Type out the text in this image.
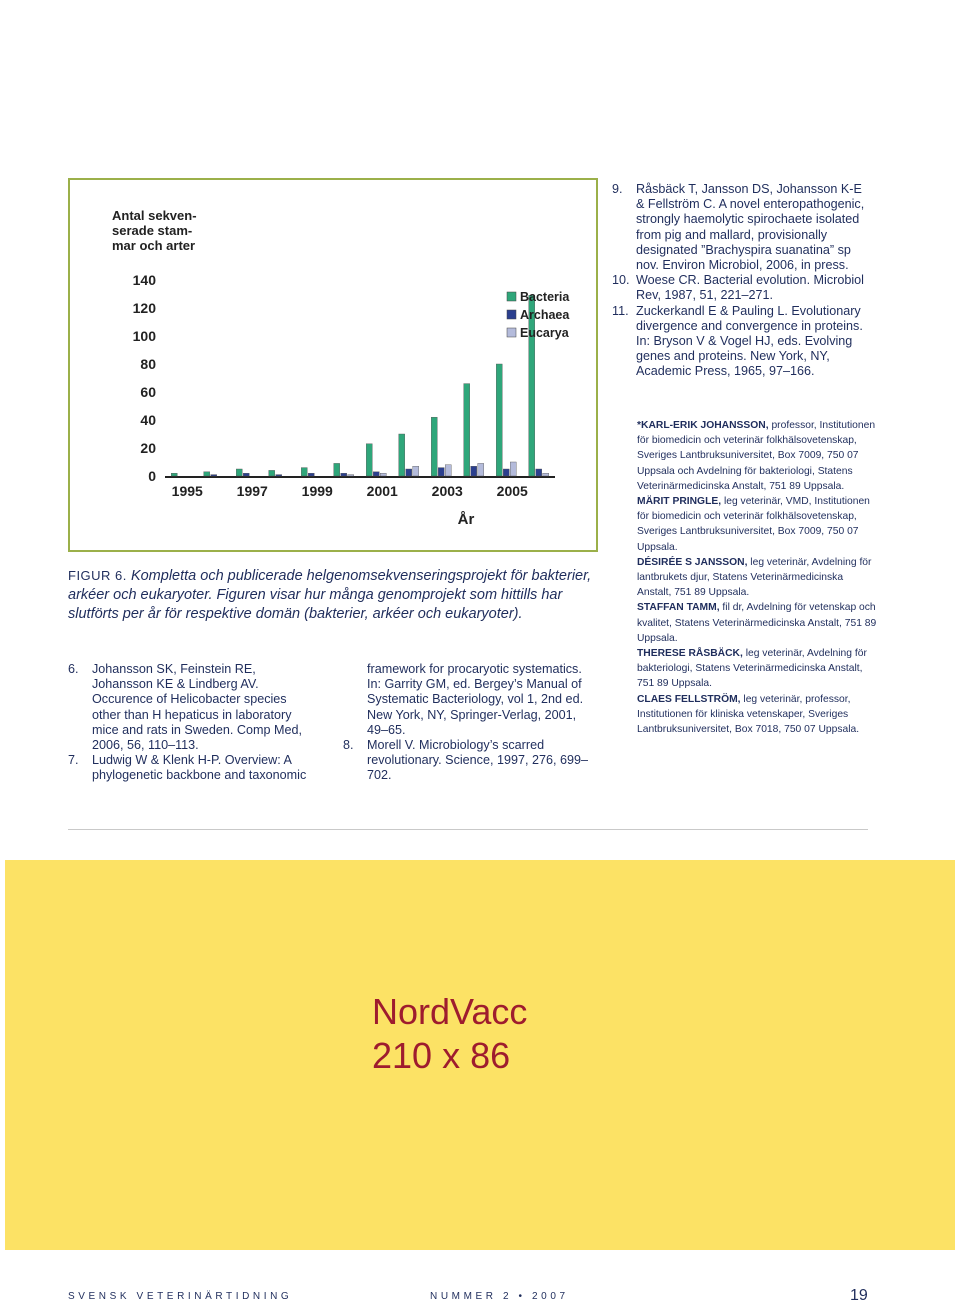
Antal sekven-serade stam-mar och arter
0
20
40
60
80
100
120
140
1995 1997 1999 2001 2003 2005
År
Bacteria
Archaea
Eucarya
FIGUR 6. Kompletta och publicerade helgenomsekvenseringsprojekt för bakterier, arkéer och eukaryoter. Figuren visar hur många genomprojekt som hittills har slutförts per år för respektive domän (bakterier, arkéer och eukaryoter).
9. Råsbäck T, Jansson DS, Johansson K-E & Fellström C. A novel enteropathogenic, strongly haemolytic spirochaete isolated from pig and mallard, provisionally designated ”Brachyspira suanatina” sp nov. Environ Microbiol, 2006, in press.
10. Woese CR. Bacterial evolution. Microbiol Rev, 1987, 51, 221–271.
11. Zuckerkandl E & Pauling L. Evolutionary divergence and convergence in proteins. In: Bryson V & Vogel HJ, eds. Evolving genes and proteins. New York, NY, Academic Press, 1965, 97–166.
6. Johansson SK, Feinstein RE, Johansson KE & Lindberg AV. Occurence of Helicobacter species other than H hepaticus in laboratory mice and rats in Sweden. Comp Med, 2006, 56, 110–113.
7. Ludwig W & Klenk H-P. Overview: A phylogenetic backbone and taxonomic
framework for procaryotic systematics. In: Garrity GM, ed. Bergey’s Manual of Systematic Bacteriology, vol 1, 2nd ed. New York, NY, Springer-Verlag, 2001, 49–65.
8. Morell V. Microbiology’s scarred revolutionary. Science, 1997, 276, 699–702.

*KARL-ERIK JOHANSSON, professor, Institutionen för biomedicin och veterinär folkhälsovetenskap, Sveriges Lantbruksuniversitet, Box 7009, 750 07 Uppsala och Avdelning för bakteriologi, Statens Veterinärmedicinska Anstalt, 751 89 Uppsala.

MÄRIT PRINGLE, leg veterinär, VMD, Institutionen för biomedicin och veterinär folkhälsovetenskap, Sveriges Lantbruksuniversitet, Box 7009, 750 07 Uppsala.

DÉSIRÉE S JANSSON, leg veterinär, Avdelning för lantbrukets djur, Statens Veterinärmedicinska Anstalt, 751 89 Uppsala.

STAFFAN TAMM, fil dr, Avdelning för vetenskap och kvalitet, Statens Veterinärmedicinska Anstalt, 751 89 Uppsala.

THERESE RÅSBÄCK, leg veterinär, Avdelning för bakteriologi, Statens Veterinärmedicinska Anstalt, 751 89 Uppsala.

CLAES FELLSTRÖM, leg veterinär, professor, Institutionen för kliniska vetenskaper, Sveriges Lantbruksuniversitet, Box 7018, 750 07 Uppsala.

NordVacc
210 x 86
SVENSK VETERINÄRTIDNING	NUMMER 2 • 2007	19
